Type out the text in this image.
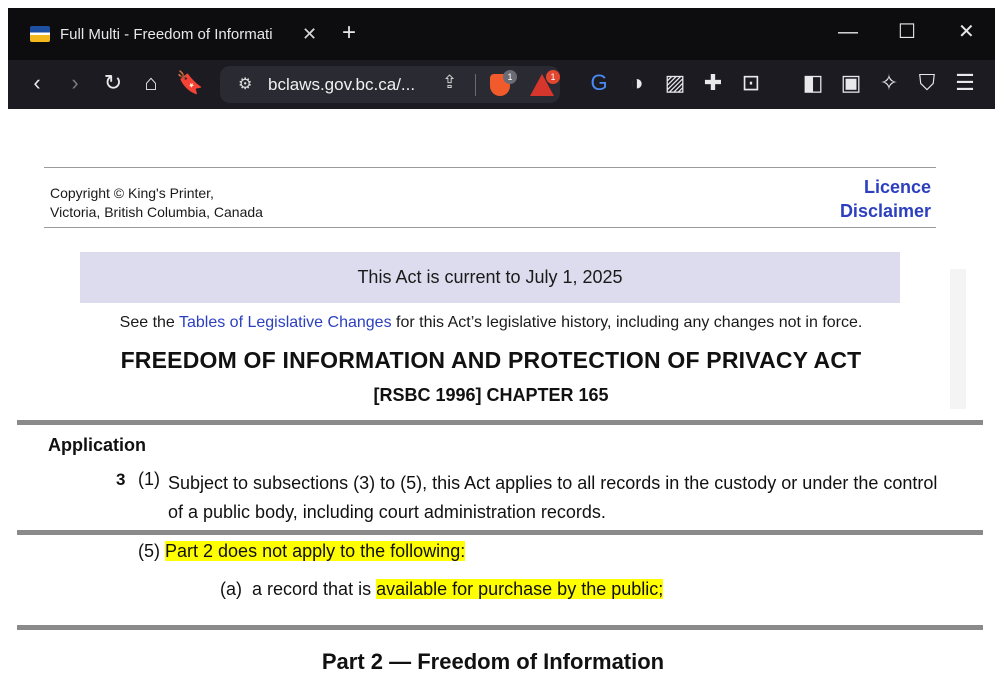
Full Multi - Freedom of Informati	✕ +	— ☐ ✕
‹	›	↻ ⌂ 🔖 ⚙ bclaws.gov.bc.ca/... ⇪	1	1 G ◑ ▨ ✚ ⊡ ◧ ▣ ✧ ⛉ ☰
Copyright © King's Printer,
Victoria, British Columbia, Canada
Licence
Disclaimer
This Act is current to July 1, 2025
See the Tables of Legislative Changes for this Act’s legislative history, including any changes not in force.
FREEDOM OF INFORMATION AND PROTECTION OF PRIVACY ACT
[RSBC 1996] CHAPTER 165
Application
3 (1) Subject to subsections (3) to (5), this Act applies to all records in the custody or under the control of a public body, including court administration records.
(5) Part 2 does not apply to the following:
(a) a record that is available for purchase by the public;
Part 2 — Freedom of Information
